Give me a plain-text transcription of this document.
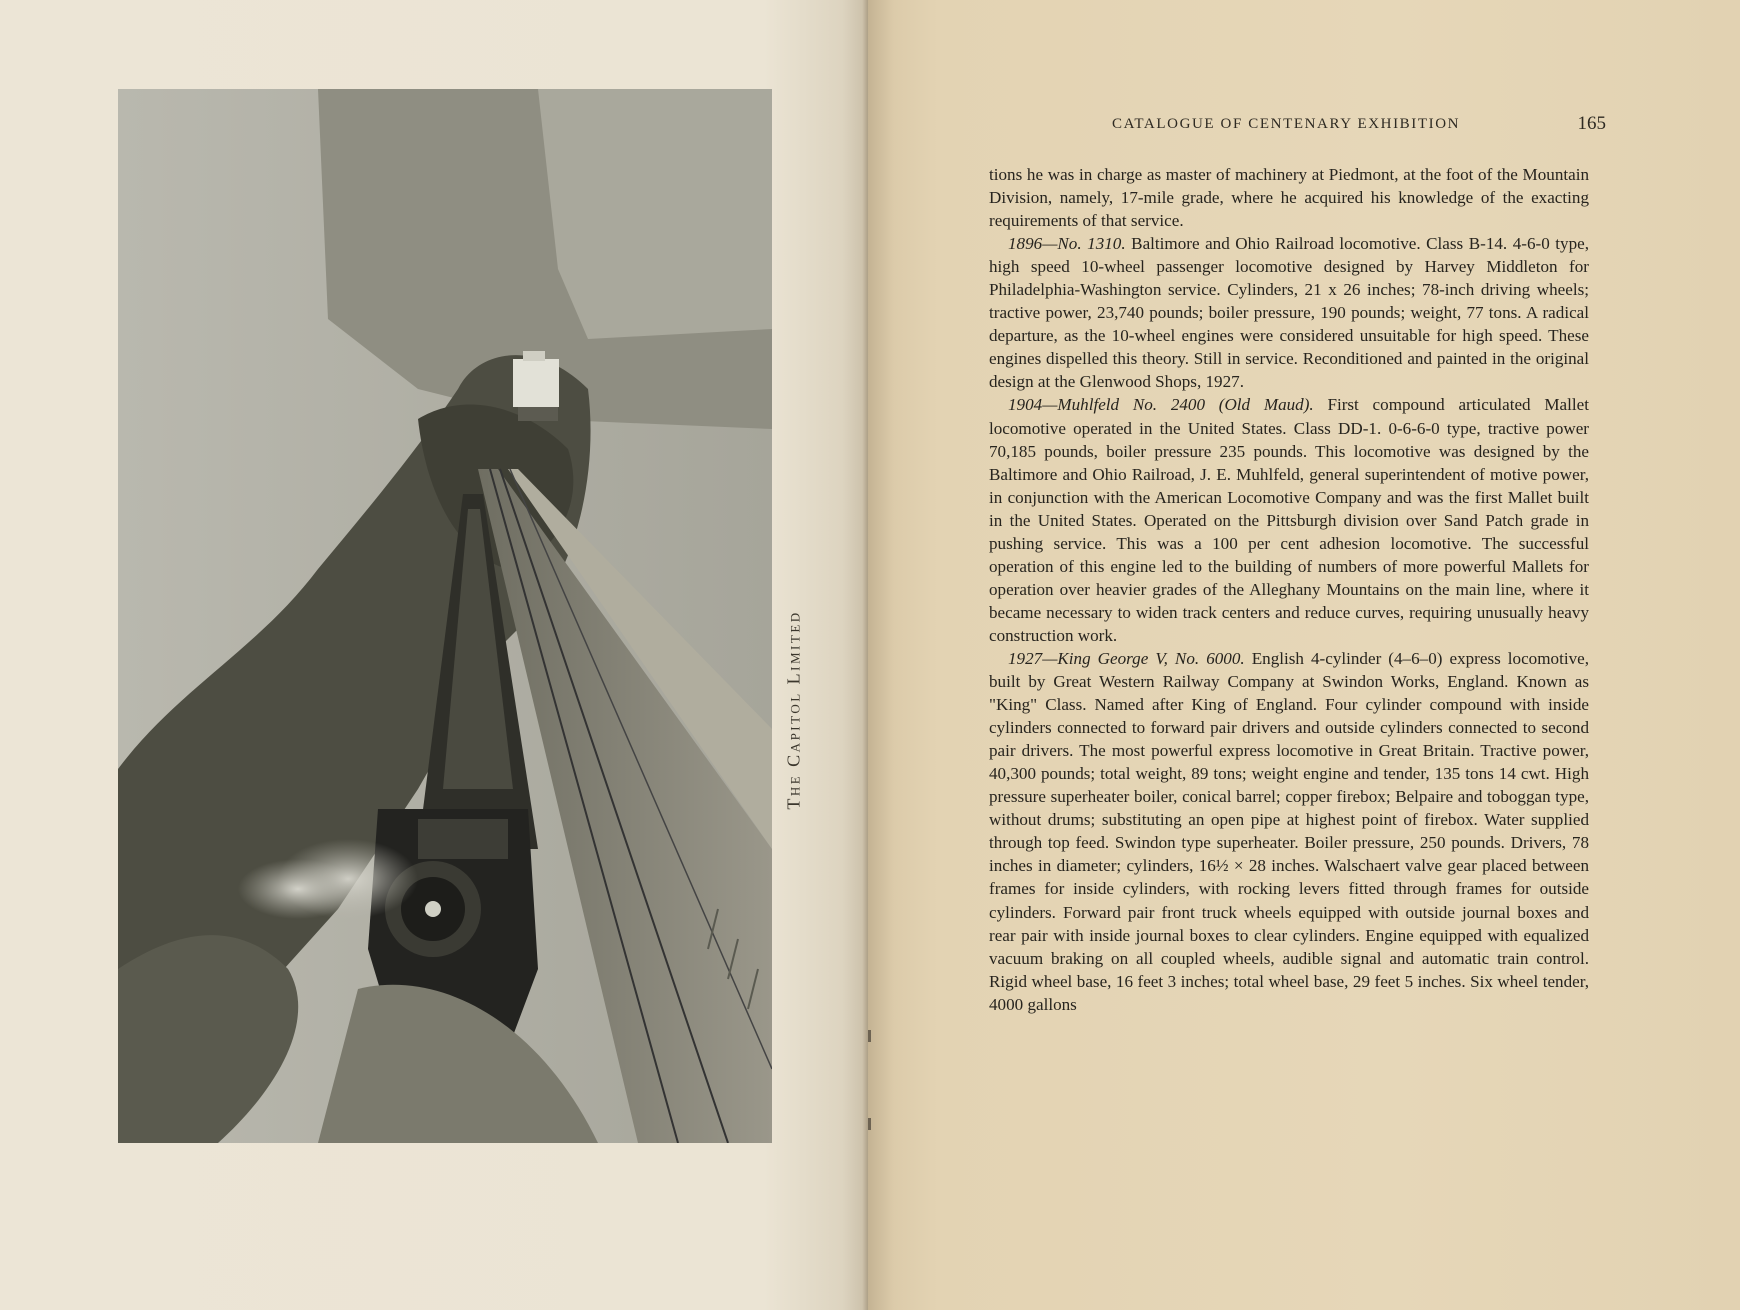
The Capitol Limited
CATALOGUE OF CENTENARY EXHIBITION	165

tions he was in charge as master of machinery at Piedmont, at the foot of the Mountain Division, namely, 17-mile grade, where he acquired his knowledge of the exacting requirements of that service.

1896—No. 1310. Baltimore and Ohio Railroad locomotive. Class B-14. 4-6-0 type, high speed 10-wheel passenger locomotive designed by Harvey Middleton for Philadelphia-Washington service. Cylinders, 21 x 26 inches; 78-inch driving wheels; tractive power, 23,740 pounds; boiler pressure, 190 pounds; weight, 77 tons. A radical departure, as the 10-wheel engines were considered unsuitable for high speed. These engines dispelled this theory. Still in service. Reconditioned and painted in the original design at the Glenwood Shops, 1927.

1904—Muhlfeld No. 2400 (Old Maud). First compound articulated Mallet locomotive operated in the United States. Class DD-1. 0-6-6-0 type, tractive power 70,185 pounds, boiler pressure 235 pounds. This locomotive was designed by the Baltimore and Ohio Railroad, J. E. Muhlfeld, general superintendent of motive power, in conjunction with the American Locomotive Company and was the first Mallet built in the United States. Operated on the Pittsburgh division over Sand Patch grade in pushing service. This was a 100 per cent adhesion locomotive. The successful operation of this engine led to the building of numbers of more powerful Mallets for operation over heavier grades of the Alleghany Mountains on the main line, where it became necessary to widen track centers and reduce curves, requiring unusually heavy construction work.

1927—King George V, No. 6000. English 4-cylinder (4–6–0) express locomotive, built by Great Western Railway Company at Swindon Works, England. Known as "King" Class. Named after King of England. Four cylinder compound with inside cylinders connected to forward pair drivers and outside cylinders connected to second pair drivers. The most powerful express locomotive in Great Britain. Tractive power, 40,300 pounds; total weight, 89 tons; weight engine and tender, 135 tons 14 cwt. High pressure superheater boiler, conical barrel; copper firebox; Belpaire and toboggan type, without drums; substituting an open pipe at highest point of firebox. Water supplied through top feed. Swindon type superheater. Boiler pressure, 250 pounds. Drivers, 78 inches in diameter; cylinders, 16½ × 28 inches. Walschaert valve gear placed between frames for inside cylinders, with rocking levers fitted through frames for outside cylinders. Forward pair front truck wheels equipped with outside journal boxes and rear pair with inside journal boxes to clear cylinders. Engine equipped with equalized vacuum braking on all coupled wheels, audible signal and automatic train control. Rigid wheel base, 16 feet 3 inches; total wheel base, 29 feet 5 inches. Six wheel tender, 4000 gallons
